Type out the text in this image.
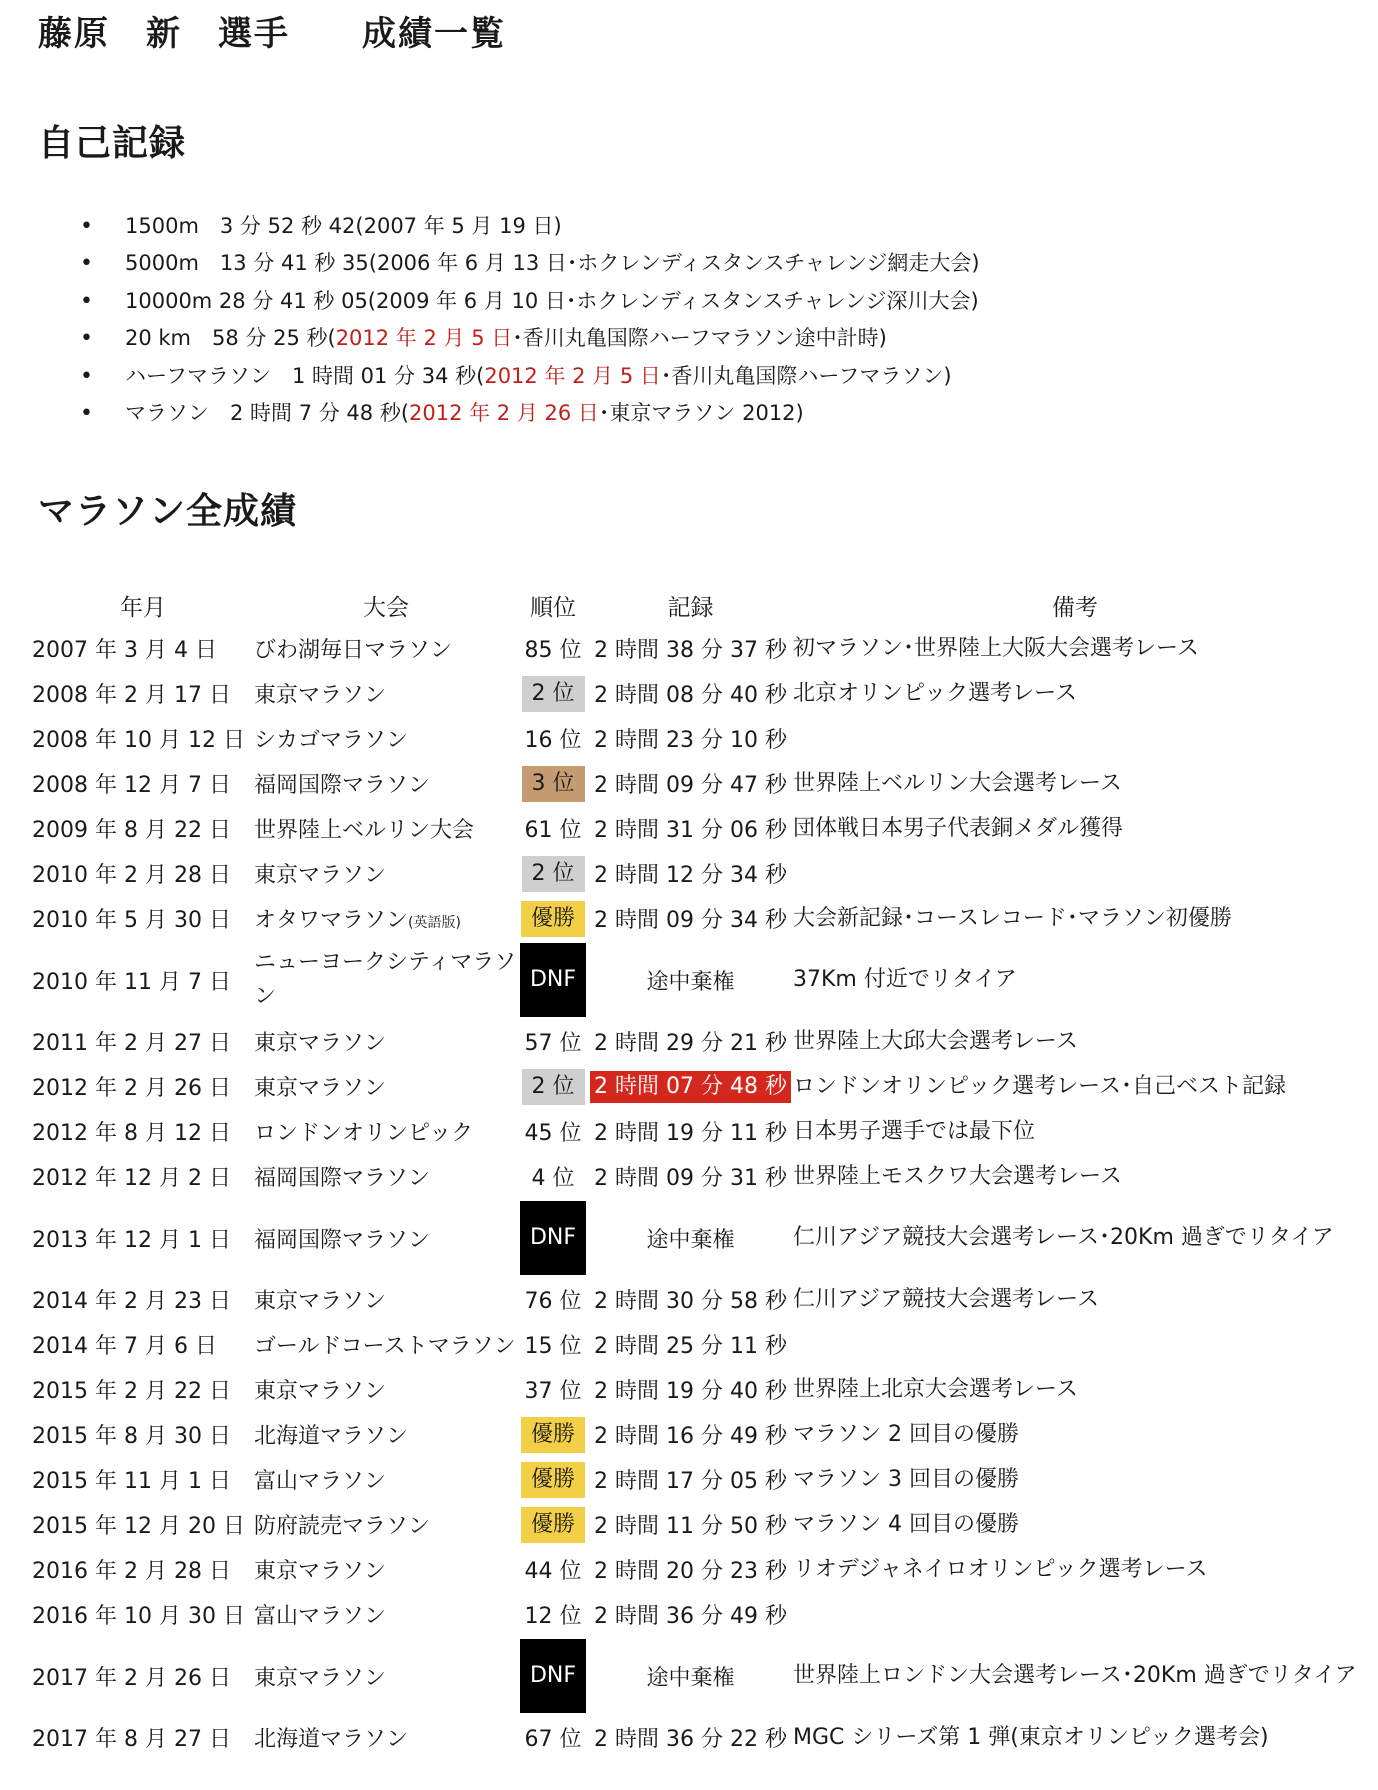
藤原　新　選手　　成績一覧
自己記録
• 1500m　3 分 52 秒 42(2007 年 5 月 19 日)
• 5000m　13 分 41 秒 35(2006 年 6 月 13 日･ホクレンディスタンスチャレンジ網走大会)
• 10000m 28 分 41 秒 05(2009 年 6 月 10 日･ホクレンディスタンスチャレンジ深川大会)
• 20 km　58 分 25 秒(2012 年 2 月 5 日･香川丸亀国際ハーフマラソン途中計時)
• ハーフマラソン　1 時間 01 分 34 秒(2012 年 2 月 5 日･香川丸亀国際ハーフマラソン)
• マラソン　2 時間 7 分 48 秒(2012 年 2 月 26 日･東京マラソン 2012)
マラソン全成績
年月	大会	順位	記録	備考
2007 年 3 月 4 日	びわ湖毎日マラソン	85 位	2 時間 38 分 37 秒	初マラソン･世界陸上大阪大会選考レース
2008 年 2 月 17 日	東京マラソン	2 位	2 時間 08 分 40 秒	北京オリンピック選考レース
2008 年 10 月 12 日	シカゴマラソン	16 位	2 時間 23 分 10 秒	
2008 年 12 月 7 日	福岡国際マラソン	3 位	2 時間 09 分 47 秒	世界陸上ベルリン大会選考レース
2009 年 8 月 22 日	世界陸上ベルリン大会	61 位	2 時間 31 分 06 秒	団体戦日本男子代表銅メダル獲得
2010 年 2 月 28 日	東京マラソン	2 位	2 時間 12 分 34 秒	
2010 年 5 月 30 日	オタワマラソン(英語版)	優勝	2 時間 09 分 34 秒	大会新記録･コースレコード･マラソン初優勝
2010 年 11 月 7 日	ニューヨークシティマラソン	DNF	途中棄権	37Km 付近でリタイア
2011 年 2 月 27 日	東京マラソン	57 位	2 時間 29 分 21 秒	世界陸上大邱大会選考レース
2012 年 2 月 26 日	東京マラソン	2 位	2 時間 07 分 48 秒	ロンドンオリンピック選考レース･自己ベスト記録
2012 年 8 月 12 日	ロンドンオリンピック	45 位	2 時間 19 分 11 秒	日本男子選手では最下位
2012 年 12 月 2 日	福岡国際マラソン	4 位	2 時間 09 分 31 秒	世界陸上モスクワ大会選考レース
2013 年 12 月 1 日	福岡国際マラソン	DNF	途中棄権	仁川アジア競技大会選考レース･20Km 過ぎでリタイア
2014 年 2 月 23 日	東京マラソン	76 位	2 時間 30 分 58 秒	仁川アジア競技大会選考レース
2014 年 7 月 6 日	ゴールドコーストマラソン	15 位	2 時間 25 分 11 秒	
2015 年 2 月 22 日	東京マラソン	37 位	2 時間 19 分 40 秒	世界陸上北京大会選考レース
2015 年 8 月 30 日	北海道マラソン	優勝	2 時間 16 分 49 秒	マラソン 2 回目の優勝
2015 年 11 月 1 日	富山マラソン	優勝	2 時間 17 分 05 秒	マラソン 3 回目の優勝
2015 年 12 月 20 日	防府読売マラソン	優勝	2 時間 11 分 50 秒	マラソン 4 回目の優勝
2016 年 2 月 28 日	東京マラソン	44 位	2 時間 20 分 23 秒	リオデジャネイロオリンピック選考レース
2016 年 10 月 30 日	富山マラソン	12 位	2 時間 36 分 49 秒	
2017 年 2 月 26 日	東京マラソン	DNF	途中棄権	世界陸上ロンドン大会選考レース･20Km 過ぎでリタイア
2017 年 8 月 27 日	北海道マラソン	67 位	2 時間 36 分 22 秒	MGC シリーズ第 1 弾(東京オリンピック選考会)
